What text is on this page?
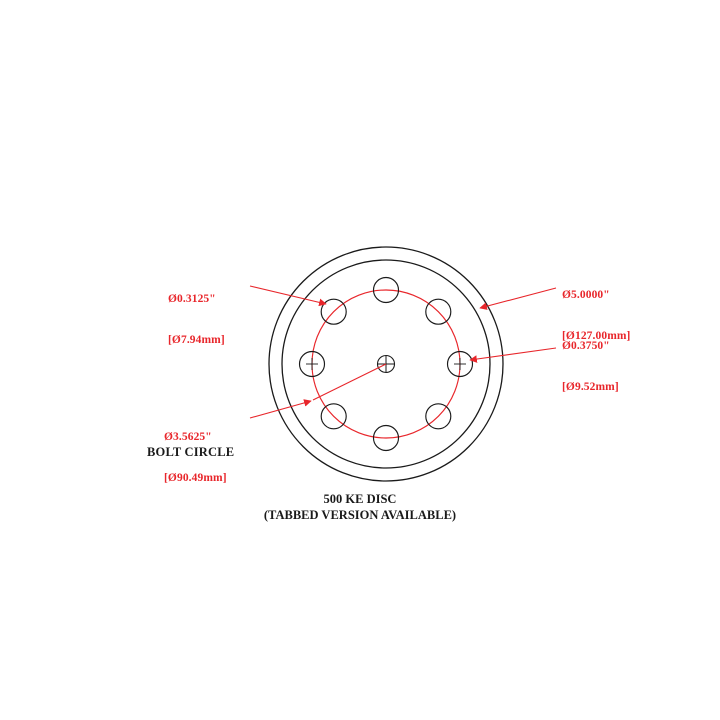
Ø0.3125"

[Ø7.94mm]

Ø5.0000"

[Ø127.00mm]

Ø0.3750"

[Ø9.52mm]

Ø3.5625"

[Ø90.49mm]

BOLT CIRCLE
500 KE DISC
(TABBED VERSION AVAILABLE)
